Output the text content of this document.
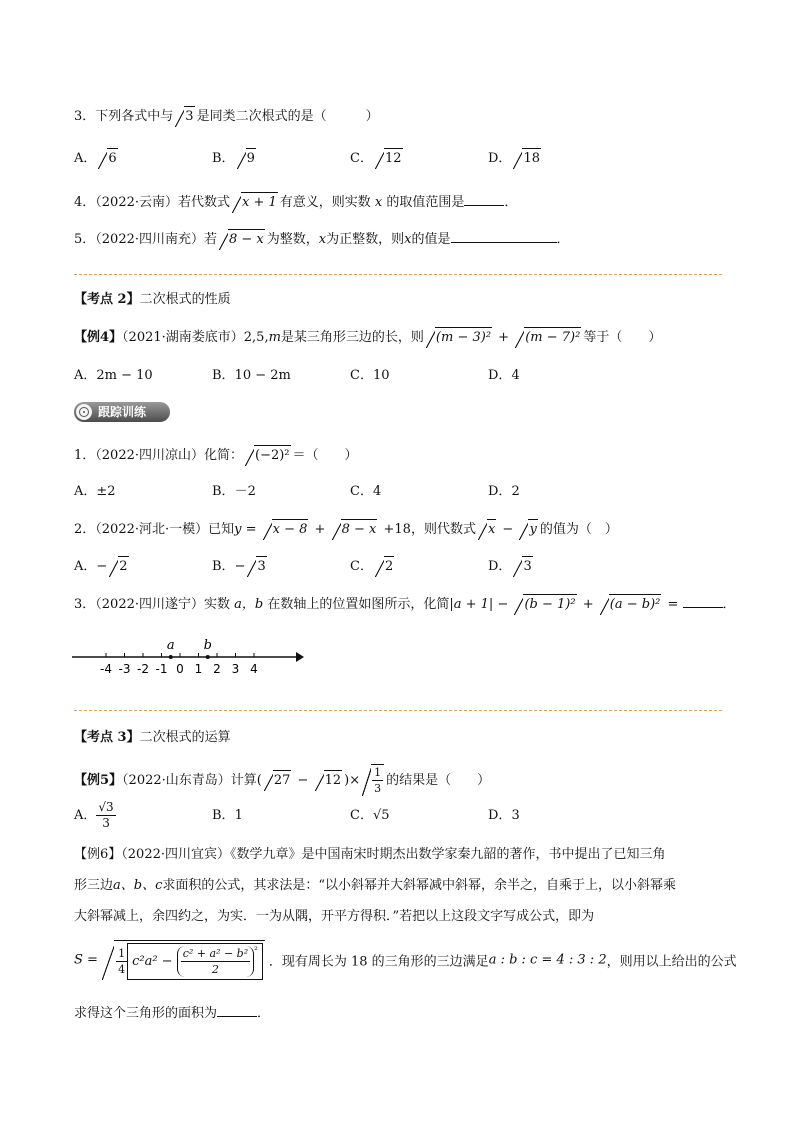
3．下列各式中与 3 是同类二次根式的是（　　　）
A． 6	B． 9	C． 12	D． 18
4．（2022·云南）若代数式 x + 1 有意义，则实数 x 的取值范围是	．
5．（2022·四川南充）若 8 − x 为整数，x为正整数，则x的值是	．
【考点 2】二次根式的性质
【例4】（2021·湖南娄底市）2,5,m是某三角形三边的长，则 (m − 3)² + (m − 7)² 等于（　　）
A．2m − 10	B．10 − 2m	C．10	D．4
跟踪训练
1．（2022·四川凉山）化简： (−2)² ＝（　　）
A．±2	B．－2	C．4	D．2
2．（2022·河北·一模）已知y = x − 8 + 8 − x +18，则代数式 x − y 的值为（　）
A．− 2	B．− 3	C． 2	D． 3
3．（2022·四川遂宁）实数 a，b 在数轴上的位置如图所示，化简|a + 1| − (b − 1)² + (a − b)² =	．
-4 -3 -2 -1 0 1 2 3 4
a b
【考点 3】二次根式的运算
【例5】（2022·山东青岛）计算( 27 − 12 )× $\frac{1}{3}$ 的结果是（　　）
A． $\frac{√3}{3}$	B．1	C．√5	D．3
【例6】（2022·四川宜宾）《数学九章》是中国南宋时期杰出数学家秦九韶的著作，书中提出了已知三角
形三边a、b、c求面积的公式，其求法是：“以小斜幂并大斜幂减中斜幂，余半之，自乘于上，以小斜幂乘
大斜幂减上，余四约之，为实．一为从隅，开平方得积．”若把以上这段文字写成公式，即为
$S = \frac{1}{4} c^2a^2 - \frac{\text{c² + a² − b²}}{2} ^{^2}$ ．现有周长为 18 的三角形的三边满足a : b : c = 4 : 3 : 2，则用以上给出的公式
求得这个三角形的面积为	．
